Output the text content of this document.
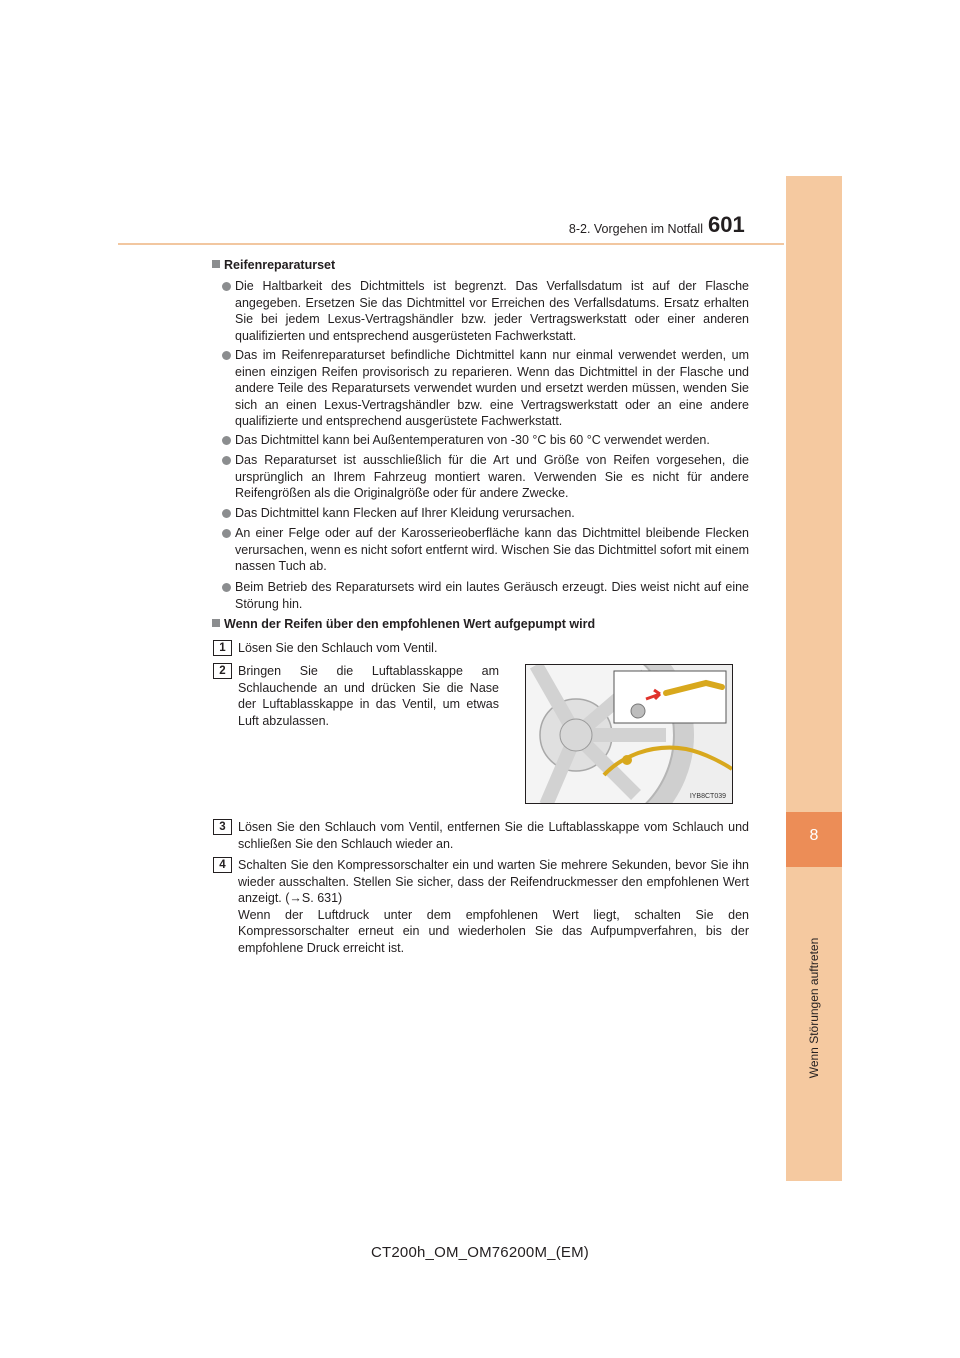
8
Wenn Störungen auftreten
8-2. Vorgehen im Notfall 601
Reifenreparaturset
Die Haltbarkeit des Dichtmittels ist begrenzt. Das Verfallsdatum ist auf der Flasche angegeben. Ersetzen Sie das Dichtmittel vor Erreichen des Verfallsdatums. Ersatz erhalten Sie bei jedem Lexus-Vertragshändler bzw. jeder Vertragswerkstatt oder einer anderen qualifizierten und entsprechend ausgerüsteten Fachwerkstatt.
Das im Reifenreparaturset befindliche Dichtmittel kann nur einmal verwendet werden, um einen einzigen Reifen provisorisch zu reparieren. Wenn das Dichtmittel in der Flasche und andere Teile des Reparatursets verwendet wurden und ersetzt werden müssen, wenden Sie sich an einen Lexus-Vertragshändler bzw. eine Vertragswerkstatt oder an eine andere qualifizierte und entsprechend ausgerüstete Fachwerkstatt.
Das Dichtmittel kann bei Außentemperaturen von -30 °C bis 60 °C verwendet werden.
Das Reparaturset ist ausschließlich für die Art und Größe von Reifen vorgesehen, die ursprünglich an Ihrem Fahrzeug montiert waren. Verwenden Sie es nicht für andere Reifengrößen als die Originalgröße oder für andere Zwecke.
Das Dichtmittel kann Flecken auf Ihrer Kleidung verursachen.
An einer Felge oder auf der Karosserieoberfläche kann das Dichtmittel bleibende Flecken verursachen, wenn es nicht sofort entfernt wird. Wischen Sie das Dichtmittel sofort mit einem nassen Tuch ab.
Beim Betrieb des Reparatursets wird ein lautes Geräusch erzeugt. Dies weist nicht auf eine Störung hin.
Wenn der Reifen über den empfohlenen Wert aufgepumpt wird
1 Lösen Sie den Schlauch vom Ventil.
2 Bringen Sie die Luftablasskappe am Schlauchende an und drücken Sie die Nase der Luftablasskappe in das Ventil, um etwas Luft abzulassen.
IYB8CT039
3 Lösen Sie den Schlauch vom Ventil, entfernen Sie die Luftablasskappe vom Schlauch und schließen Sie den Schlauch wieder an.
4 Schalten Sie den Kompressorschalter ein und warten Sie mehrere Sekunden, bevor Sie ihn wieder ausschalten. Stellen Sie sicher, dass der Reifendruckmesser den empfohlenen Wert anzeigt. (→S. 631)
Wenn der Luftdruck unter dem empfohlenen Wert liegt, schalten Sie den Kompressorschalter erneut ein und wiederholen Sie das Aufpumpverfahren, bis der empfohlene Druck erreicht ist.
CT200h_OM_OM76200M_(EM)
